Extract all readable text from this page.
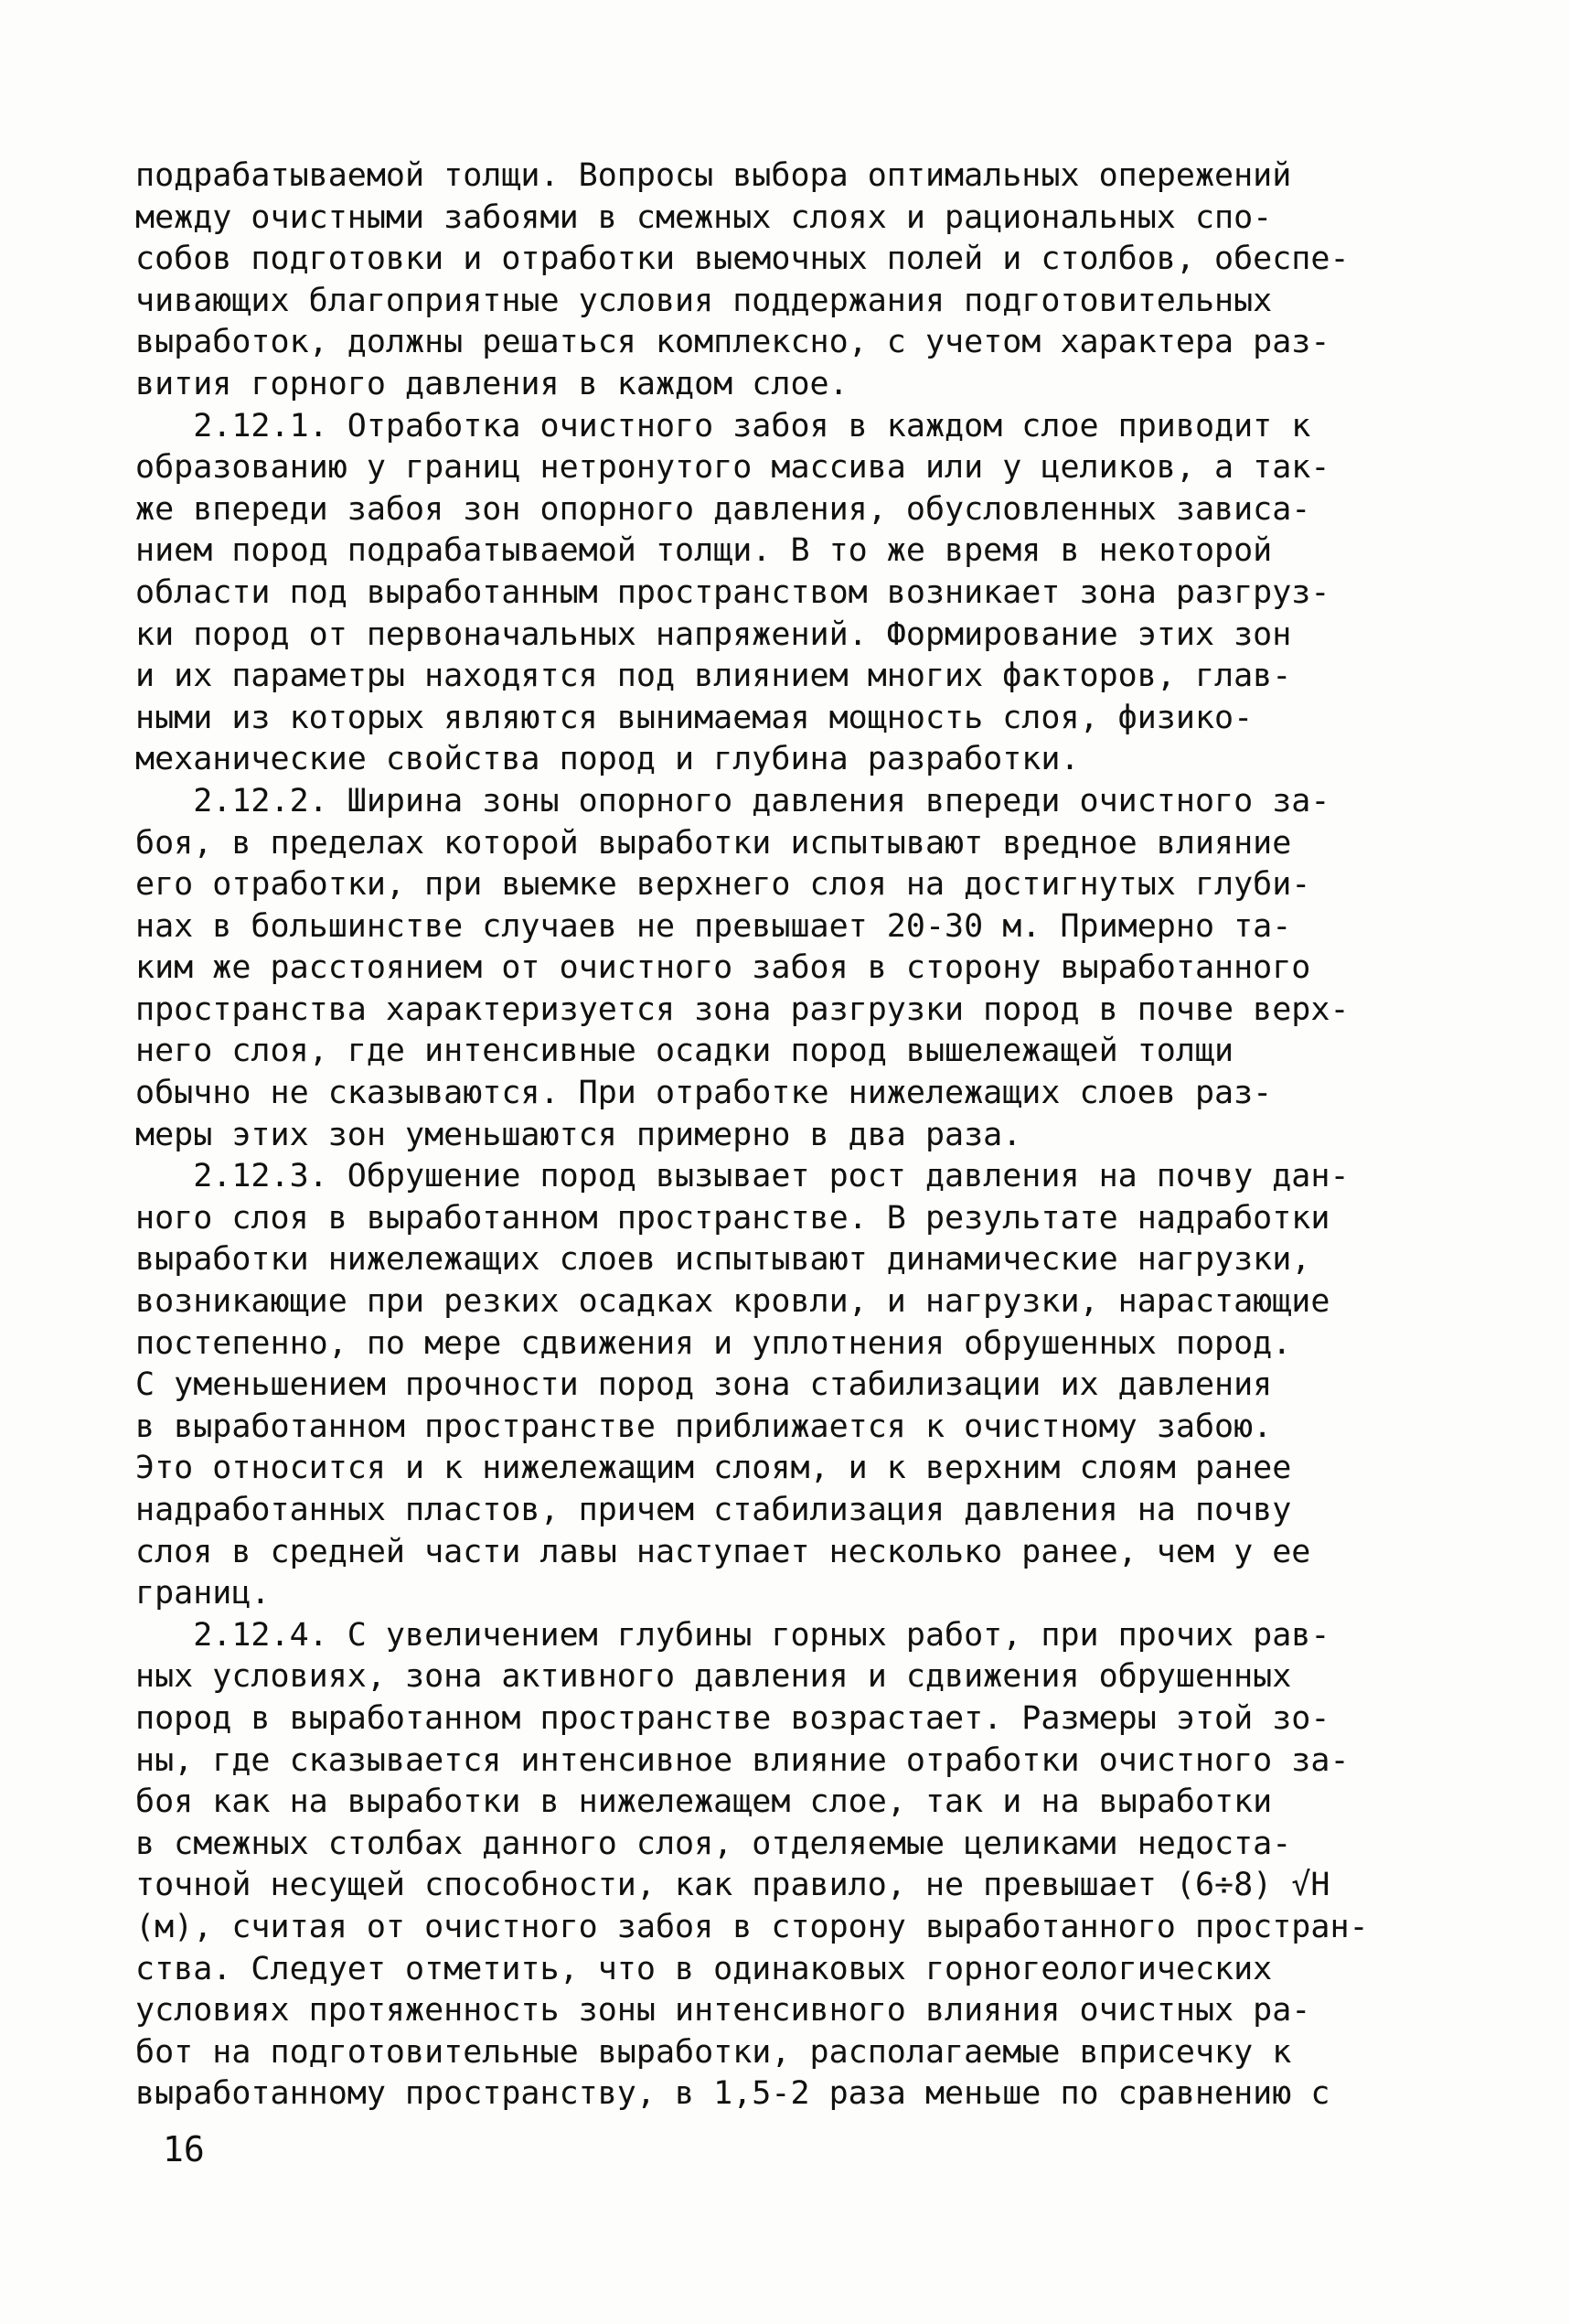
подрабатываемой толщи. Вопросы выбора оптимальных опережений
между очистными забоями в смежных слоях и рациональных спо-
собов подготовки и отработки выемочных полей и столбов, обеспе-
чивающих благоприятные условия поддержания подготовительных
выработок, должны решаться комплексно, с учетом характера раз-
вития горного давления в каждом слое.
2.12.1. Отработка очистного забоя в каждом слое приводит к
образованию у границ нетронутого массива или у целиков, а так-
же впереди забоя зон опорного давления, обусловленных зависа-
нием пород подрабатываемой толщи. В то же время в некоторой
области под выработанным пространством возникает зона разгруз-
ки пород от первоначальных напряжений. Формирование этих зон
и их параметры находятся под влиянием многих факторов, глав-
ными из которых являются вынимаемая мощность слоя, физико-
механические свойства пород и глубина разработки.
2.12.2. Ширина зоны опорного давления впереди очистного за-
боя, в пределах которой выработки испытывают вредное влияние
его отработки, при выемке верхнего слоя на достигнутых глуби-
нах в большинстве случаев не превышает 20-30 м. Примерно та-
ким же расстоянием от очистного забоя в сторону выработанного
пространства характеризуется зона разгрузки пород в почве верх-
него слоя, где интенсивные осадки пород вышележащей толщи
обычно не сказываются. При отработке нижележащих слоев раз-
меры этих зон уменьшаются примерно в два раза.
2.12.3. Обрушение пород вызывает рост давления на почву дан-
ного слоя в выработанном пространстве. В результате надработки
выработки нижележащих слоев испытывают динамические нагрузки,
возникающие при резких осадках кровли, и нагрузки, нарастающие
постепенно, по мере сдвижения и уплотнения обрушенных пород.
С уменьшением прочности пород зона стабилизации их давления
в выработанном пространстве приближается к очистному забою.
Это относится и к нижележащим слоям, и к верхним слоям ранее
надработанных пластов, причем стабилизация давления на почву
слоя в средней части лавы наступает несколько ранее, чем у ее
границ.
2.12.4. С увеличением глубины горных работ, при прочих рав-
ных условиях, зона активного давления и сдвижения обрушенных
пород в выработанном пространстве возрастает. Размеры этой зо-
ны, где сказывается интенсивное влияние отработки очистного за-
боя как на выработки в нижележащем слое, так и на выработки
в смежных столбах данного слоя, отделяемые целиками недоста-
точной несущей способности, как правило, не превышает (6÷8) √H
(м), считая от очистного забоя в сторону выработанного простран-
ства. Следует отметить, что в одинаковых горногеологических
условиях протяженность зоны интенсивного влияния очистных ра-
бот на подготовительные выработки, располагаемые вприсечку к
выработанному пространству, в 1,5-2 раза меньше по сравнению с
16
